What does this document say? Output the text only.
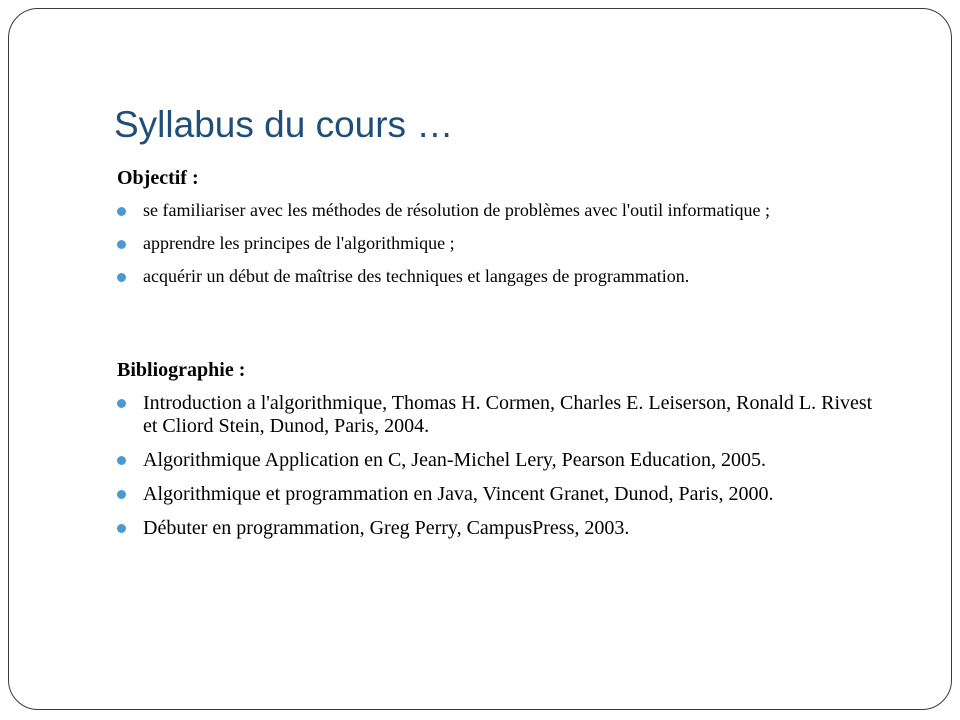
Syllabus du cours …
Objectif :
se familiariser avec les méthodes de résolution de problèmes avec l'outil informatique ;
apprendre les principes de l'algorithmique ;
acquérir un début de maîtrise des techniques et langages de programmation.
Bibliographie :
Introduction a l'algorithmique, Thomas H. Cormen, Charles E. Leiserson, Ronald L. Rivest et Cliord Stein, Dunod, Paris, 2004.
Algorithmique Application en C, Jean-Michel Lery, Pearson Education, 2005.
Algorithmique et programmation en Java, Vincent Granet, Dunod, Paris, 2000.
Débuter en programmation, Greg Perry, CampusPress, 2003.
